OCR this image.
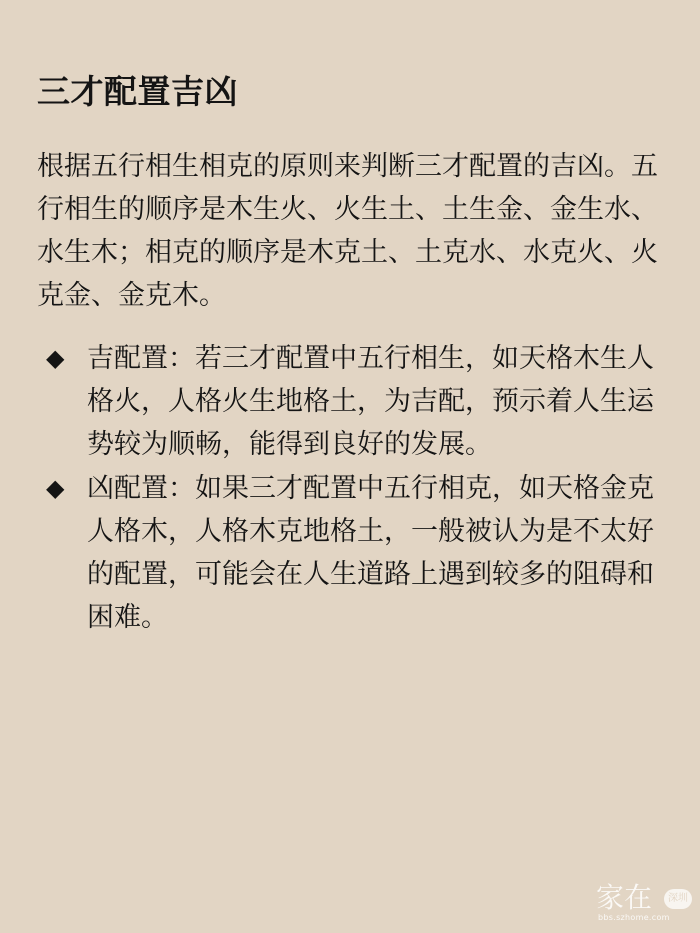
三才配置吉凶

根据五行相生相克的原则来判断三才配置的吉凶。五行相生的顺序是木生火、火生土、土生金、金生水、水生木；相克的顺序是木克土、土克水、水克火、火克金、金克木。

◆ 吉配置：若三才配置中五行相生，如天格木生人格火，人格火生地格土，为吉配，预示着人生运势较为顺畅，能得到良好的发展。
◆ 凶配置：如果三才配置中五行相克，如天格金克人格木，人格木克地格土，一般被认为是不太好的配置，可能会在人生道路上遇到较多的阻碍和困难。
家在	深圳
bbs.szhome.com
